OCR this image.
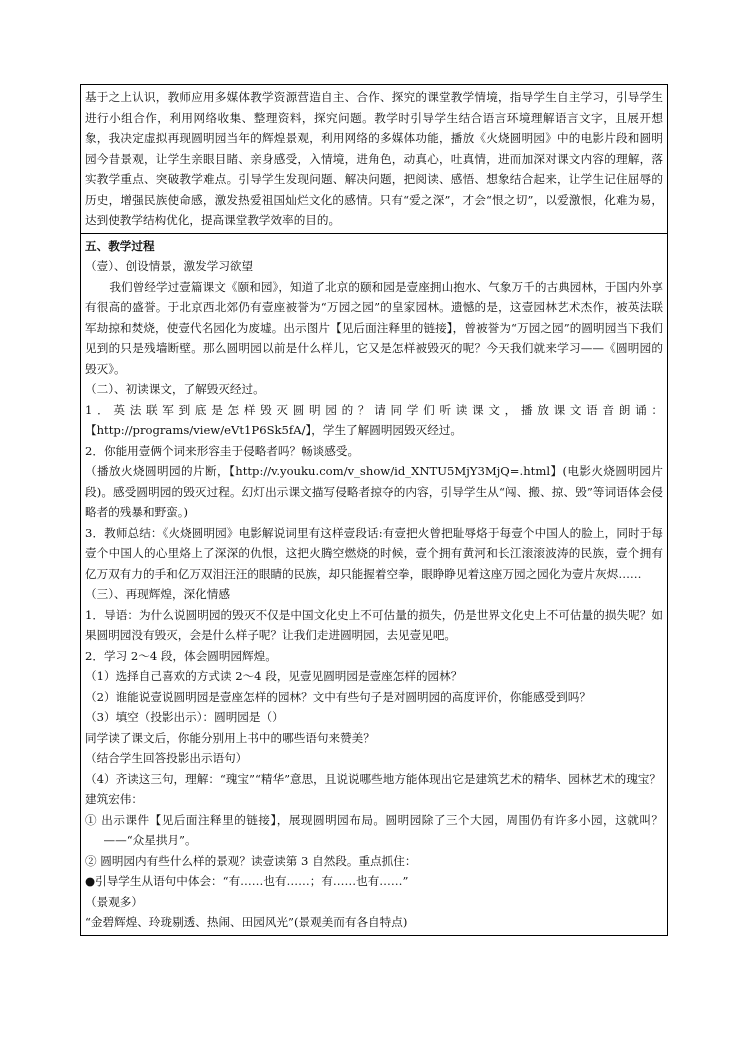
基于之上认识，教师应用多媒体教学资源营造自主、合作、探究的课堂教学情境，指导学生自主学习，引导学生进行小组合作，利用网络收集、整理资料，探究问题。教学时引导学生结合语言环境理解语言文字，且展开想象，我决定虚拟再现圆明园当年的辉煌景观，利用网络的多媒体功能，播放《火烧圆明园》中的电影片段和圆明园今昔景观，让学生亲眼目睹、亲身感受，入情境，进角色，动真心，吐真情，进而加深对课文内容的理解，落实教学重点、突破教学难点。引导学生发现问题、解决问题，把阅读、感悟、想象结合起来，让学生记住屈辱的历史，增强民族使命感，激发热爱祖国灿烂文化的感情。只有“爱之深”，才会“恨之切”，以爱激恨，化难为易，达到使教学结构优化，提高课堂教学效率的目的。

五、教学过程

（壹）、创设情景，激发学习欲望

我们曾经学过壹篇课文《颐和园》，知道了北京的颐和园是壹座拥山抱水、气象万千的古典园林，于国内外享有很高的盛誉。于北京西北郊仍有壹座被誉为“万园之园”的皇家园林。遗憾的是，这壹园林艺术杰作，被英法联军劫掠和焚烧，使壹代名园化为废墟。出示图片【见后面注释里的链接】，曾被誉为“万园之园”的圆明园当下我们见到的只是残墙断壁。那么圆明园以前是什么样儿，它又是怎样被毁灭的呢？今天我们就来学习——《圆明园的毁灭》。

（二）、初读课文，了解毁灭经过。

1．英法联军到底是怎样毁灭圆明园的？请同学们听读课文，播放课文语音朗诵：【http://programs/view/eVt1P6Sk5fA/】，学生了解圆明园毁灭经过。

2．你能用壹俩个词来形容圭于侵略者吗？畅谈感受。

（播放火烧圆明园的片断，【http://v.youku.com/v_show/id_XNTU5MjY3MjQ=.html】(电影火烧圆明园片段)。感受圆明园的毁灭过程。幻灯出示课文描写侵略者掠夺的内容，引导学生从“闯、搬、掠、毁”等词语体会侵略者的残暴和野蛮。)

3．教师总结：《火烧圆明园》电影解说词里有这样壹段话:有壹把火曾把耻辱烙于每壹个中国人的脸上，同时于每壹个中国人的心里烙上了深深的仇恨，这把火腾空燃烧的时候，壹个拥有黄河和长江滚滚波涛的民族，壹个拥有亿万双有力的手和亿万双泪汪汪的眼睛的民族，却只能握着空拳，眼睁睁见着这座万园之园化为壹片灰烬……

（三）、再现辉煌，深化情感

1．导语：为什么说圆明园的毁灭不仅是中国文化史上不可估量的损失，仍是世界文化史上不可估量的损失呢？如果圆明园没有毁灭，会是什么样子呢？让我们走进圆明园，去见壹见吧。

2．学习 2～4 段，体会圆明园辉煌。

（1）选择自己喜欢的方式读 2～4 段，见壹见圆明园是壹座怎样的园林？

（2）谁能说壹说圆明园是壹座怎样的园林？文中有些句子是对圆明园的高度评价，你能感受到吗？

（3）填空（投影出示）：圆明园是（）

同学读了课文后，你能分别用上书中的哪些语句来赞美？

（结合学生回答投影出示语句）

（4）齐读这三句，理解：“瑰宝”“精华”意思，且说说哪些地方能体现出它是建筑艺术的精华、园林艺术的瑰宝？

建筑宏伟：

① 出示课件【见后面注释里的链接】，展现圆明园布局。圆明园除了三个大园，周围仍有许多小园，这就叫？——“众星拱月”。

② 圆明园内有些什么样的景观？读壹读第 3 自然段。重点抓住：

●引导学生从语句中体会：“有……也有……；有……也有……”

（景观多）

“金碧辉煌、玲珑剔透、热闹、田园风光”(景观美而有各自特点)
